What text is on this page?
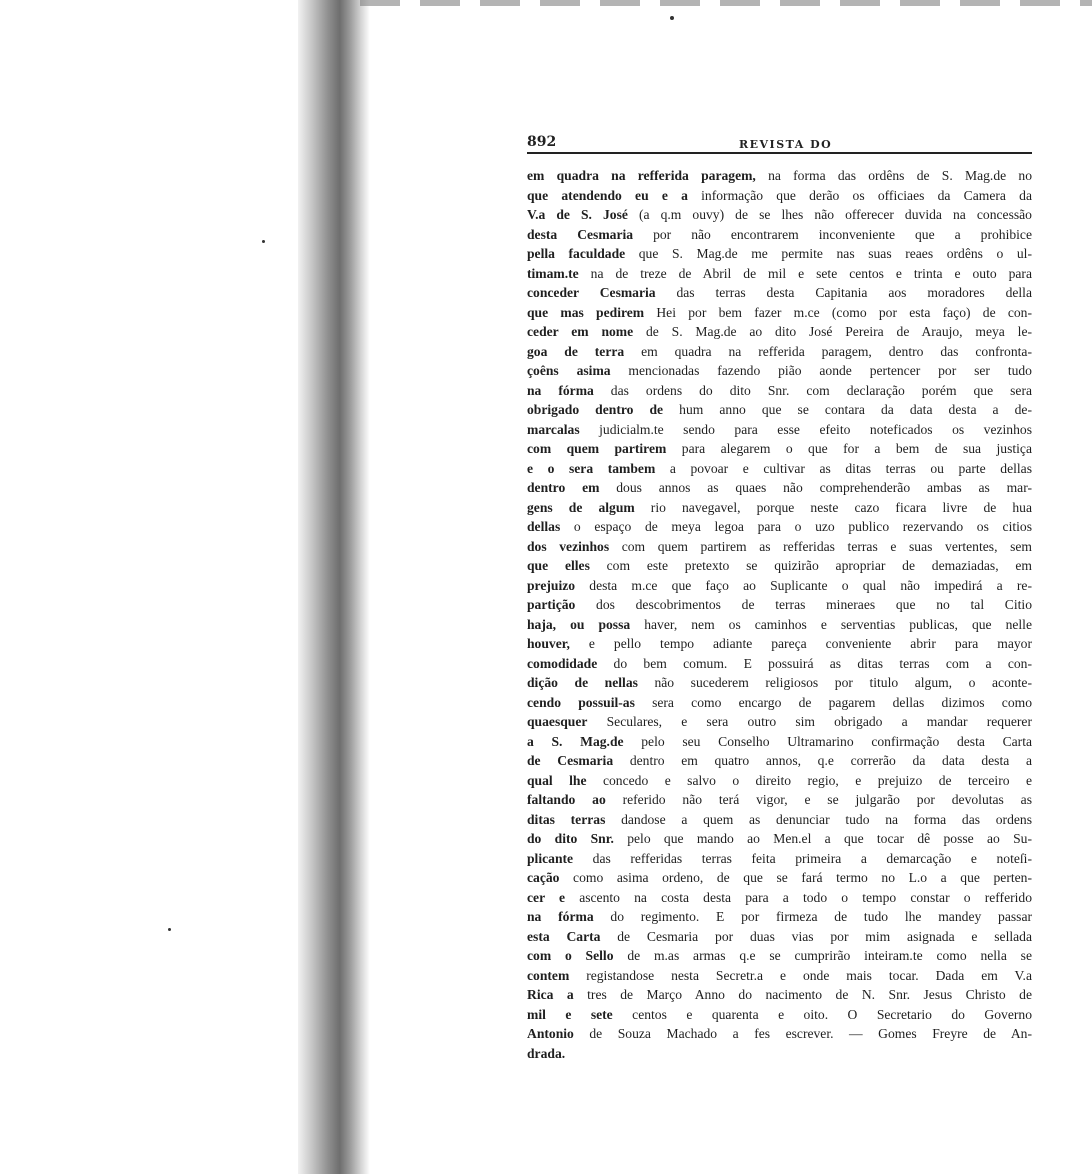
892	REVISTA DO
em quadra na refferida paragem, na forma das ordêns de S. Mag.de no
que atendendo eu e a informação que derão os officiaes da Camera da
V.a de S. José (a q.m ouvy) de se lhes não offerecer duvida na concessão
desta Cesmaria por não encontrarem inconveniente que a prohibice
pella faculdade que S. Mag.de me permite nas suas reaes ordêns o ul-
timam.te na de treze de Abril de mil e sete centos e trinta e outo para
conceder Cesmaria das terras desta Capitania aos moradores della
que mas pedirem Hei por bem fazer m.ce (como por esta faço) de con-
ceder em nome de S. Mag.de ao dito José Pereira de Araujo, meya le-
goa de terra em quadra na refferida paragem, dentro das confronta-
çoêns asima mencionadas fazendo pião aonde pertencer por ser tudo
na fórma das ordens do dito Snr. com declaração porém que sera
obrigado dentro de hum anno que se contara da data desta a de-
marcalas judicialm.te sendo para esse efeito noteficados os vezinhos
com quem partirem para alegarem o que for a bem de sua justiça
e o sera tambem a povoar e cultivar as ditas terras ou parte dellas
dentro em dous annos as quaes não comprehenderão ambas as mar-
gens de algum rio navegavel, porque neste cazo ficara livre de hua
dellas o espaço de meya legoa para o uzo publico rezervando os citios
dos vezinhos com quem partirem as refferidas terras e suas vertentes, sem
que elles com este pretexto se quizirão apropriar de demaziadas, em
prejuizo desta m.ce que faço ao Suplicante o qual não impedirá a re-
partição dos descobrimentos de terras mineraes que no tal Citio
haja, ou possa haver, nem os caminhos e serventias publicas, que nelle
houver, e pello tempo adiante pareça conveniente abrir para mayor
comodidade do bem comum. E possuirá as ditas terras com a con-
dição de nellas não sucederem religiosos por titulo algum, o aconte-
cendo possuil-as sera como encargo de pagarem dellas dizimos como
quaesquer Seculares, e sera outro sim obrigado a mandar requerer
a S. Mag.de pelo seu Conselho Ultramarino confirmação desta Carta
de Cesmaria dentro em quatro annos, q.e correrão da data desta a
qual lhe concedo e salvo o direito regio, e prejuizo de terceiro e
faltando ao referido não terá vigor, e se julgarão por devolutas as
ditas terras dandose a quem as denunciar tudo na forma das ordens
do dito Snr. pelo que mando ao Men.el a que tocar dê posse ao Su-
plicante das refferidas terras feita primeira a demarcação e noteſi-
cação como asima ordeno, de que se fará termo no L.o a que perten-
cer e ascento na costa desta para a todo o tempo constar o refferido
na fórma do regimento. E por firmeza de tudo lhe mandey passar
esta Carta de Cesmaria por duas vias por mim asignada e sellada
com o Sello de m.as armas q.e se cumprirão inteiram.te como nella se
contem registandose nesta Secretr.a e onde mais tocar. Dada em V.a
Rica a tres de Março Anno do nacimento de N. Snr. Jesus Christo de
mil e sete centos e quarenta e oito. O Secretario do Governo
Antonio de Souza Machado a fes escrever. — Gomes Freyre de An-
drada.
